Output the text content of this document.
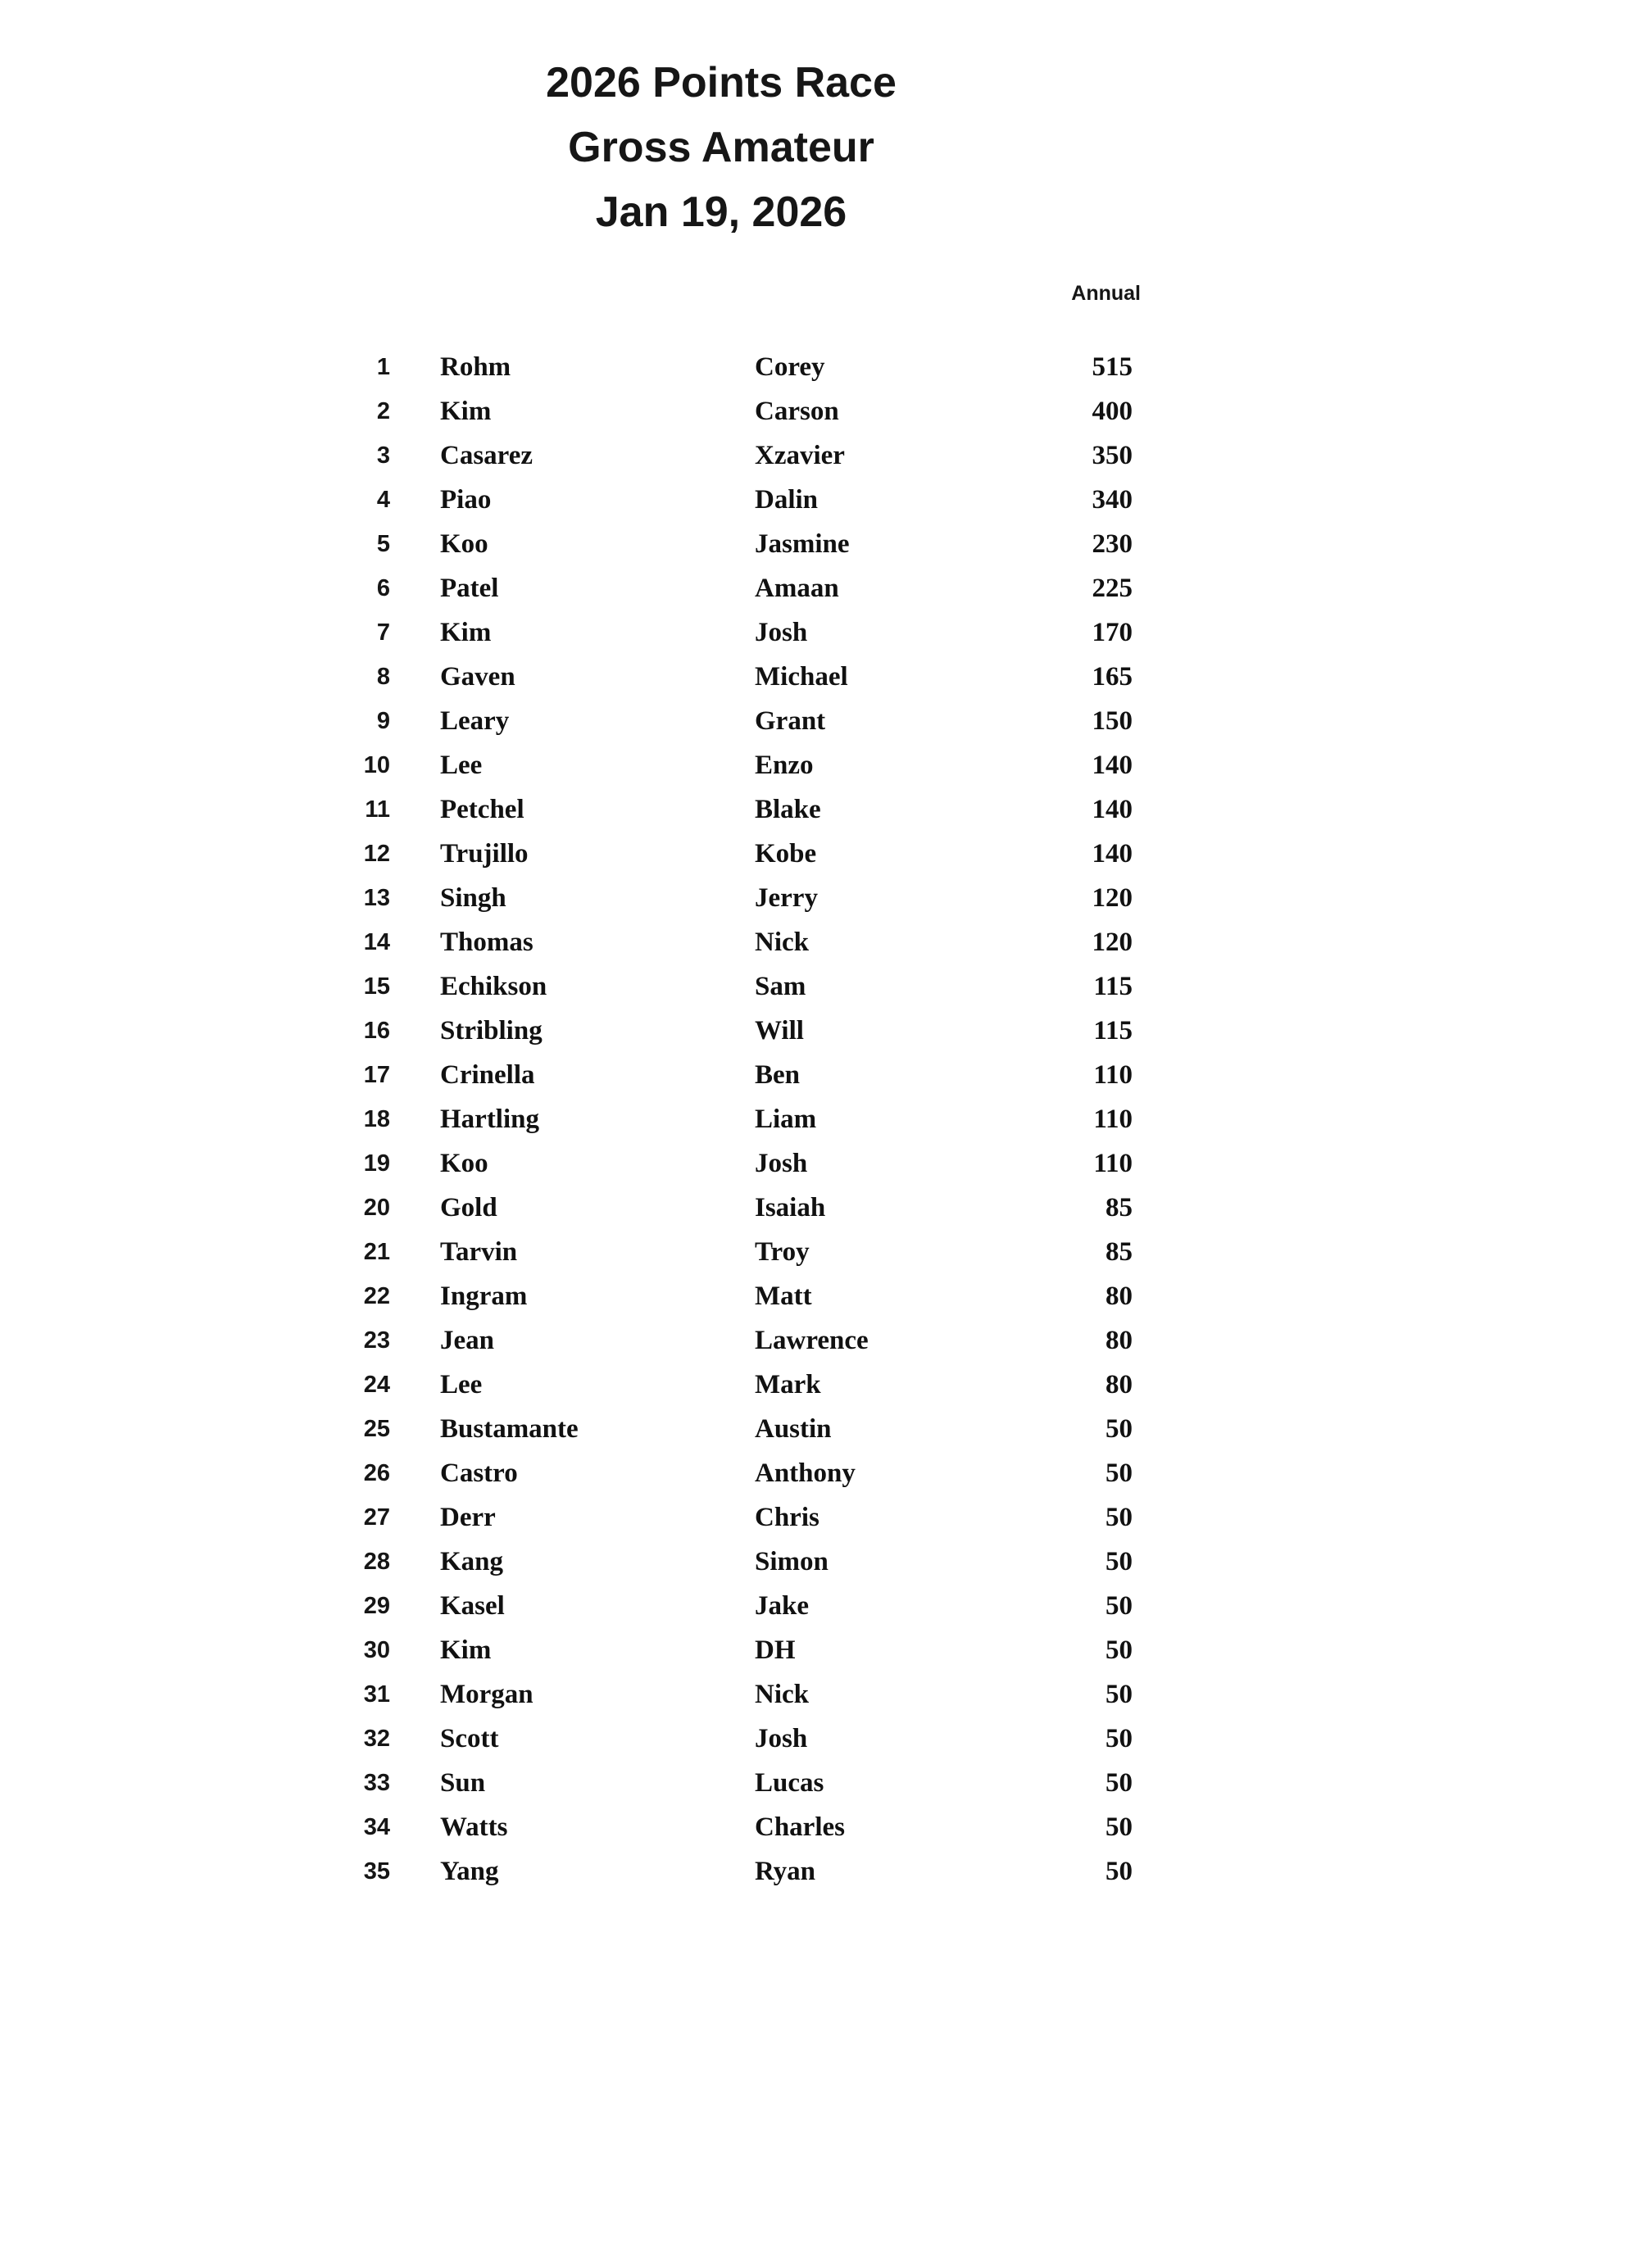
2026 Points Race
Gross Amateur
Jan 19, 2026
Annual
1	Rohm	Corey	515
2	Kim	Carson	400
3	Casarez	Xzavier	350
4	Piao	Dalin	340
5	Koo	Jasmine	230
6	Patel	Amaan	225
7	Kim	Josh	170
8	Gaven	Michael	165
9	Leary	Grant	150
10	Lee	Enzo	140
11	Petchel	Blake	140
12	Trujillo	Kobe	140
13	Singh	Jerry	120
14	Thomas	Nick	120
15	Echikson	Sam	115
16	Stribling	Will	115
17	Crinella	Ben	110
18	Hartling	Liam	110
19	Koo	Josh	110
20	Gold	Isaiah	85
21	Tarvin	Troy	85
22	Ingram	Matt	80
23	Jean	Lawrence	80
24	Lee	Mark	80
25	Bustamante	Austin	50
26	Castro	Anthony	50
27	Derr	Chris	50
28	Kang	Simon	50
29	Kasel	Jake	50
30	Kim	DH	50
31	Morgan	Nick	50
32	Scott	Josh	50
33	Sun	Lucas	50
34	Watts	Charles	50
35	Yang	Ryan	50
